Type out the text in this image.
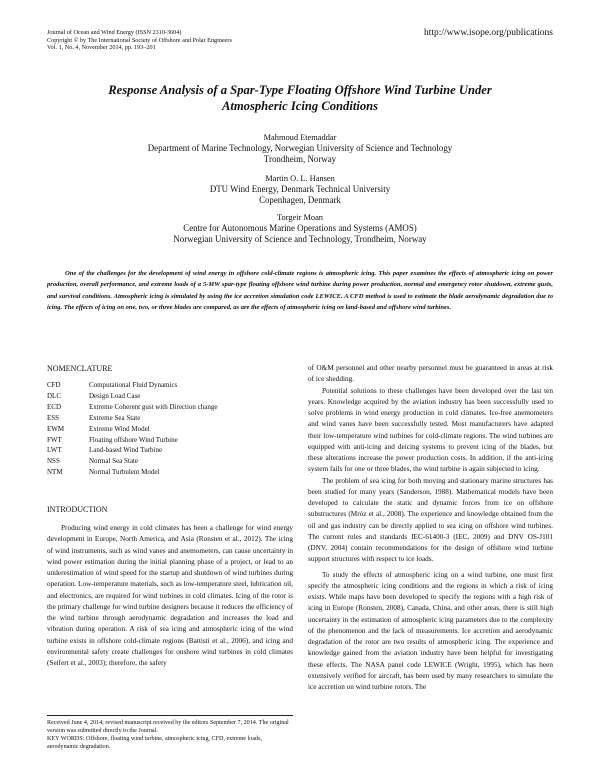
Journal of Ocean and Wind Energy (ISSN 2310-3604)
Copyright © by The International Society of Offshore and Polar Engineers
Vol. 1, No. 4, November 2014, pp. 193–201
http://www.isope.org/publications
Response Analysis of a Spar-Type Floating Offshore Wind Turbine Under
Atmospheric Icing Conditions
Mahmoud Etemaddar
Department of Marine Technology, Norwegian University of Science and Technology
Trondheim, Norway
Martin O. L. Hansen
DTU Wind Energy, Denmark Technical University
Copenhagen, Denmark
Torgeir Moan
Centre for Autonomous Marine Operations and Systems (AMOS)
Norwegian University of Science and Technology, Trondheim, Norway
One of the challenges for the development of wind energy in offshore cold-climate regions is atmospheric icing. This paper examines the effects of atmospheric icing on power production, overall performance, and extreme loads of a 5-MW spar-type floating offshore wind turbine during power production, normal and emergency rotor shutdown, extreme gusts, and survival conditions. Atmospheric icing is simulated by using the ice accretion simulation code LEWICE. A CFD method is used to estimate the blade aerodynamic degradation due to icing. The effects of icing on one, two, or three blades are compared, as are the effects of atmospheric icing on land-based and offshore wind turbines.
NOMENCLATURE
CFD	Computational Fluid Dynamics
DLC	Design Load Case
ECD	Extreme Coherent gust with Direction change
ESS	Extreme Sea State
EWM	Extreme Wind Model
FWT	Floating offshore Wind Turbine
LWT	Land-based Wind Turbine
NSS	Normal Sea State
NTM	Normal Turbulent Model
INTRODUCTION

Producing wind energy in cold climates has been a challenge for wind energy development in Europe, North America, and Asia (Ronsten et al., 2012). The icing of wind instruments, such as wind vanes and anemometers, can cause uncertainty in wind power estimation during the initial planning phase of a project, or lead to an underestimation of wind speed for the startup and shutdown of wind turbines during operation. Low-temperature materials, such as low-temperature steel, lubrication oil, and electronics, are required for wind turbines in cold climates. Icing of the rotor is the primary challenge for wind turbine designers because it reduces the efficiency of the wind turbine through aerodynamic degradation and increases the load and vibration during operation. A risk of sea icing and atmospheric icing of the wind turbine exists in offshore cold-climate regions (Battisti et al., 2006), and icing and environmental safety create challenges for onshore wind turbines in cold climates (Seifert et al., 2003); therefore, the safety

of O&M personnel and other nearby personnel must be guaranteed in areas at risk of ice shedding.

Potential solutions to these challenges have been developed over the last ten years. Knowledge acquired by the aviation industry has been successfully used to solve problems in wind energy production in cold climates. Ice-free anemometers and wind vanes have been successfully tested. Most manufacturers have adapted their low-temperature wind turbines for cold-climate regions. The wind turbines are equipped with anti-icing and deicing systems to prevent icing of the blades, but these alterations increase the power production costs. In addition, if the anti-icing system fails for one or three blades, the wind turbine is again subjected to icing.

The problem of sea icing for both moving and stationary marine structures has been studied for many years (Sanderson, 1988). Mathematical models have been developed to calculate the static and dynamic forces from ice on offshore substructures (Mróz et al., 2008). The experience and knowledge obtained from the oil and gas industry can be directly applied to sea icing on offshore wind turbines. The current rules and standards IEC-61400-3 (IEC, 2009) and DNV OS-J101 (DNV, 2004) contain recommendations for the design of offshore wind turbine support structures with respect to ice loads.

To study the effects of atmospheric icing on a wind turbine, one must first specify the atmospheric icing conditions and the regions in which a risk of icing exists. While maps have been developed to specify the regions with a high risk of icing in Europe (Ronsten, 2008), Canada, China, and other areas, there is still high uncertainty in the estimation of atmospheric icing parameters due to the complexity of the phenomenon and the lack of measurements. Ice accretion and aerodynamic degradation of the rotor are two results of atmospheric icing. The experience and knowledge gained from the aviation industry have been helpful for investigating these effects. The NASA panel code LEWICE (Wright, 1995), which has been extensively verified for aircraft, has been used by many researchers to simulate the ice accretion on wind turbine rotors. The

Received June 4, 2014; revised manuscript received by the editors September 7, 2014. The original version was submitted directly to the Journal.
KEY WORDS: Offshore, floating wind turbine, atmospheric icing, CFD, extreme loads, aerodynamic degradation.
